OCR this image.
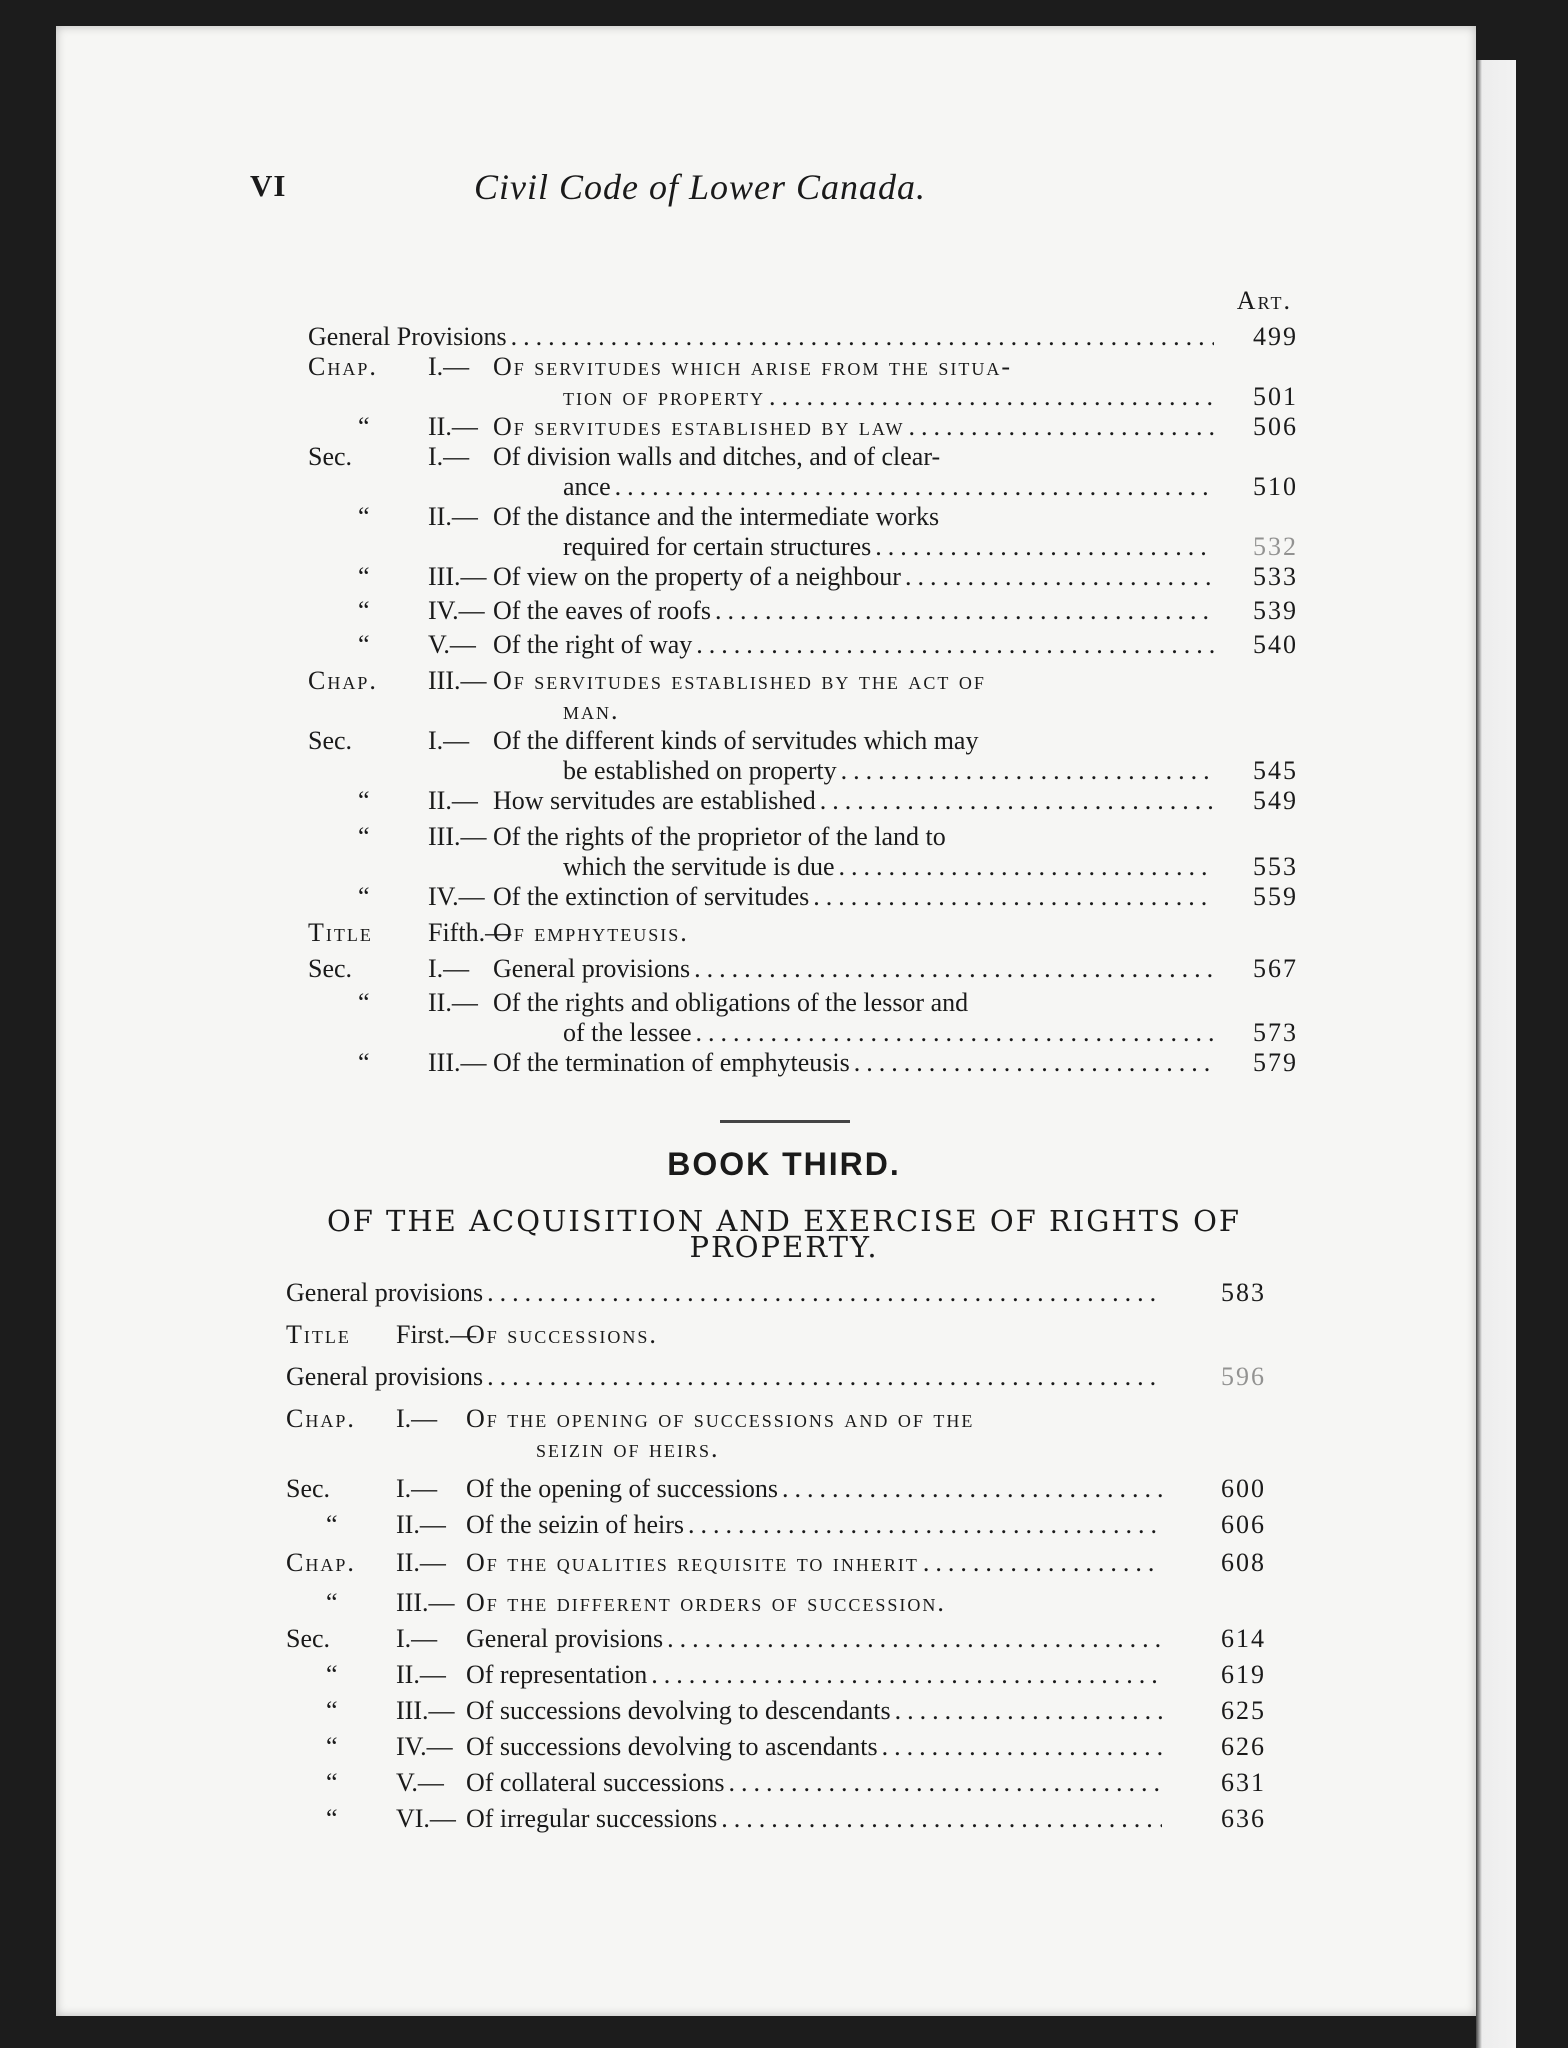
VI	Civil Code of Lower Canada.
Art.
General Provisions .....	499
Chap. I.— Of servitudes which arise from the situa-
tion of property .....	501
“ II.— Of servitudes established by law .....	506
Sec.	I.— Of division walls and ditches, and of clear-
ance .....	510
“ II.— Of the distance and the intermediate works
required for certain structures .....	532
“ III.— Of view on the property of a neighbour .....	533
“ IV.— Of the eaves of roofs .....	539
“ V.— Of the right of way .....	540
Chap. III.— Of servitudes established by the act of
man.
Sec.	I.— Of the different kinds of servitudes which may
be established on property .....	545
“ II.— How servitudes are established .....	549
“ III.— Of the rights of the proprietor of the land to
which the servitude is due .....	553
“ IV.— Of the extinction of servitudes .....	559
Title Fifth.—
Of emphyteusis.
Sec.	I.— General provisions .....	567
“ II.— Of the rights and obligations of the lessor and
of the lessee .....	573
“ III.— Of the termination of emphyteusis .....	579
BOOK THIRD.
OF THE ACQUISITION AND EXERCISE OF RIGHTS OF
PROPERTY.
General provisions .....	583
Title First.—
Of successions.
General provisions .....	596
Chap. I.— Of the opening of successions and of the
seizin of heirs.
Sec.	I.— Of the opening of successions .....	600
“ II.— Of the seizin of heirs .....	606
Chap. II.— Of the qualities requisite to inherit .....	608
“ III.— Of the different orders of succession.
Sec.	I.— General provisions .....	614
“ II.— Of representation .....	619
“ III.— Of successions devolving to descendants .....	625
“ IV.— Of successions devolving to ascendants .....	626
“ V.— Of collateral successions .....	631
“ VI.— Of irregular successions .....	636
